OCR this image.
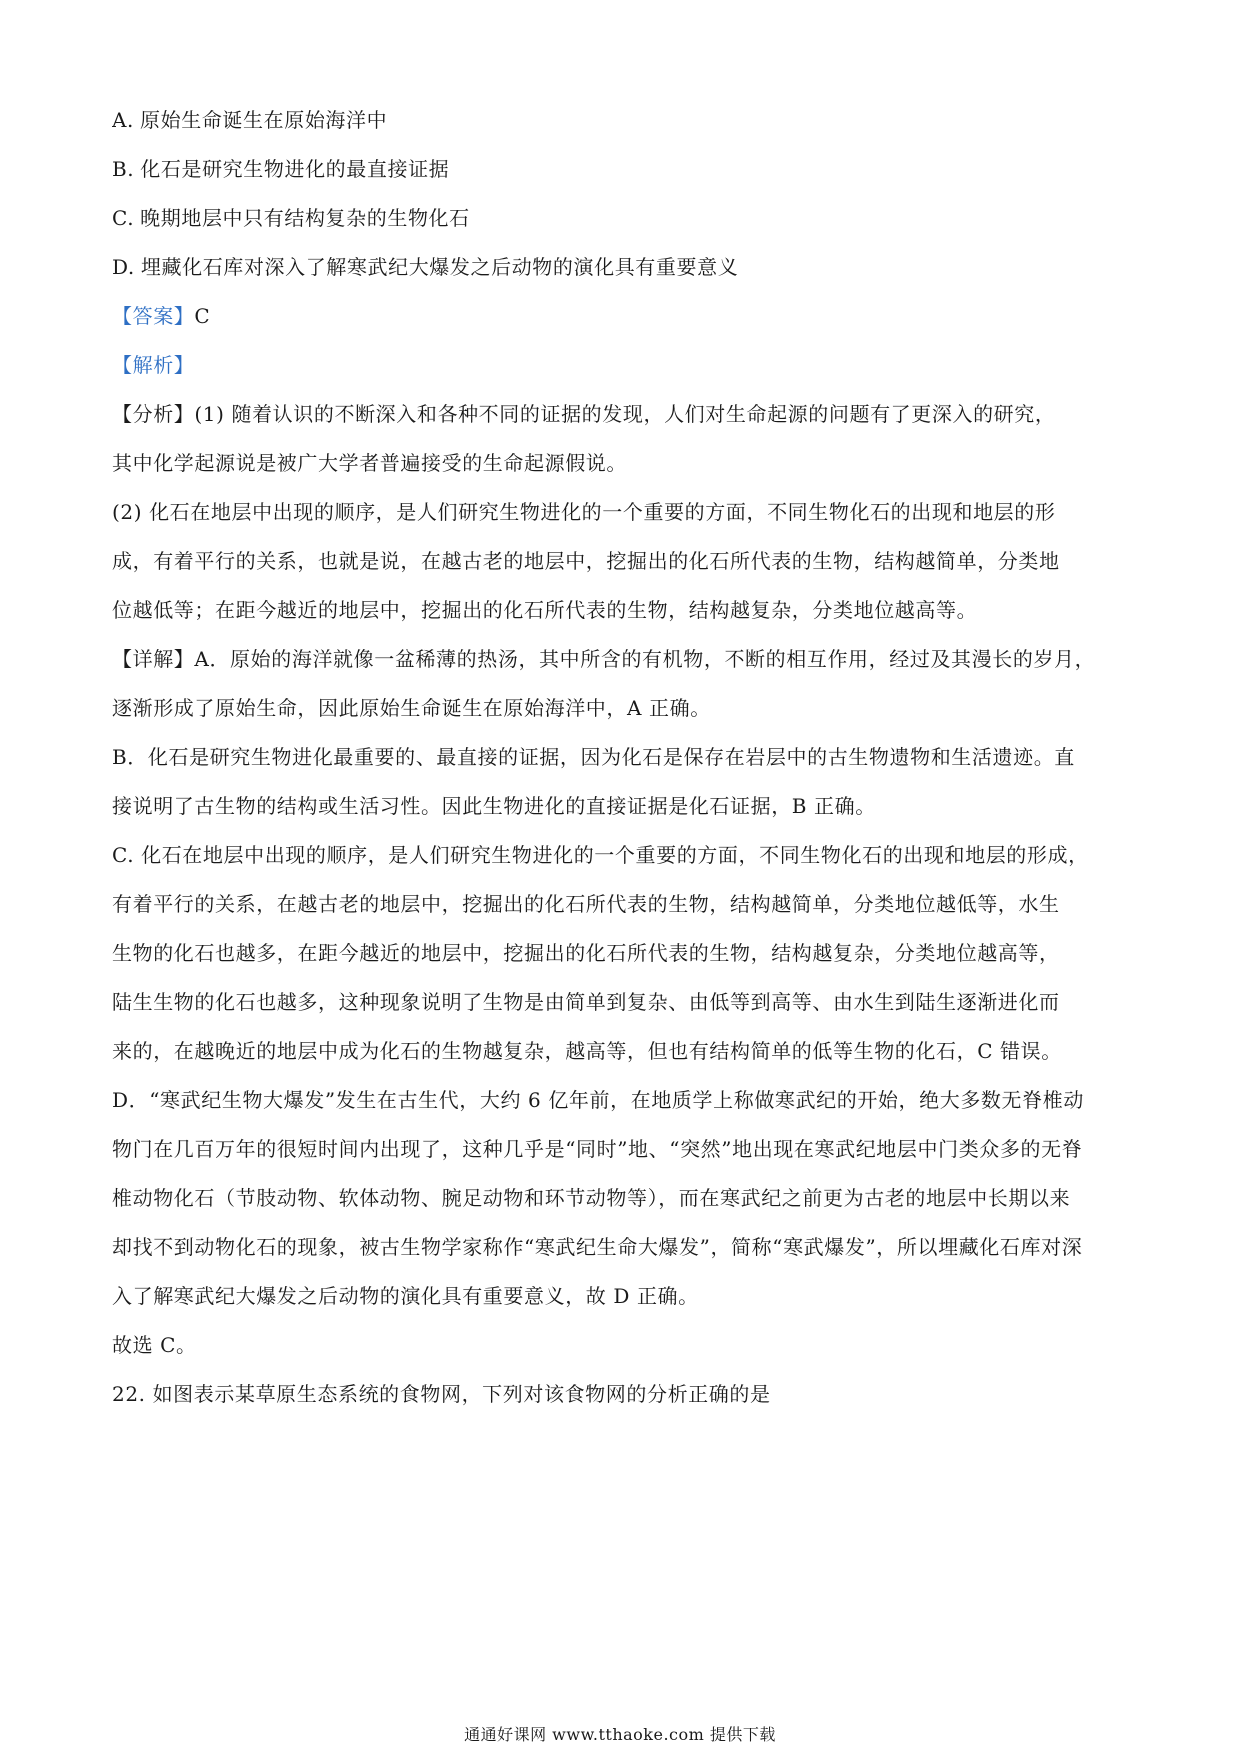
A. 原始生命诞生在原始海洋中
B. 化石是研究生物进化的最直接证据
C. 晚期地层中只有结构复杂的生物化石
D. 埋藏化石库对深入了解寒武纪大爆发之后动物的演化具有重要意义
【答案】C
【解析】
【分析】(1) 随着认识的不断深入和各种不同的证据的发现，人们对生命起源的问题有了更深入的研究，
其中化学起源说是被广大学者普遍接受的生命起源假说。
(2) 化石在地层中出现的顺序，是人们研究生物进化的一个重要的方面，不同生物化石的出现和地层的形
成，有着平行的关系，也就是说，在越古老的地层中，挖掘出的化石所代表的生物，结构越简单，分类地
位越低等；在距今越近的地层中，挖掘出的化石所代表的生物，结构越复杂，分类地位越高等。
【详解】A．原始的海洋就像一盆稀薄的热汤，其中所含的有机物，不断的相互作用，经过及其漫长的岁月，
逐渐形成了原始生命，因此原始生命诞生在原始海洋中，A 正确。
B．化石是研究生物进化最重要的、最直接的证据，因为化石是保存在岩层中的古生物遗物和生活遗迹。直
接说明了古生物的结构或生活习性。因此生物进化的直接证据是化石证据，B 正确。
C. 化石在地层中出现的顺序，是人们研究生物进化的一个重要的方面，不同生物化石的出现和地层的形成，
有着平行的关系，在越古老的地层中，挖掘出的化石所代表的生物，结构越简单，分类地位越低等，水生
生物的化石也越多，在距今越近的地层中，挖掘出的化石所代表的生物，结构越复杂，分类地位越高等，
陆生生物的化石也越多，这种现象说明了生物是由简单到复杂、由低等到高等、由水生到陆生逐渐进化而
来的，在越晚近的地层中成为化石的生物越复杂，越高等，但也有结构简单的低等生物的化石，C 错误。
D．“寒武纪生物大爆发”发生在古生代，大约 6 亿年前，在地质学上称做寒武纪的开始，绝大多数无脊椎动
物门在几百万年的很短时间内出现了，这种几乎是“同时”地、“突然”地出现在寒武纪地层中门类众多的无脊
椎动物化石（节肢动物、软体动物、腕足动物和环节动物等），而在寒武纪之前更为古老的地层中长期以来
却找不到动物化石的现象，被古生物学家称作“寒武纪生命大爆发”，简称“寒武爆发”，所以埋藏化石库对深
入了解寒武纪大爆发之后动物的演化具有重要意义，故 D 正确。
故选 C。
22. 如图表示某草原生态系统的食物网，下列对该食物网的分析正确的是
通通好课网 www.tthaoke.com 提供下载
